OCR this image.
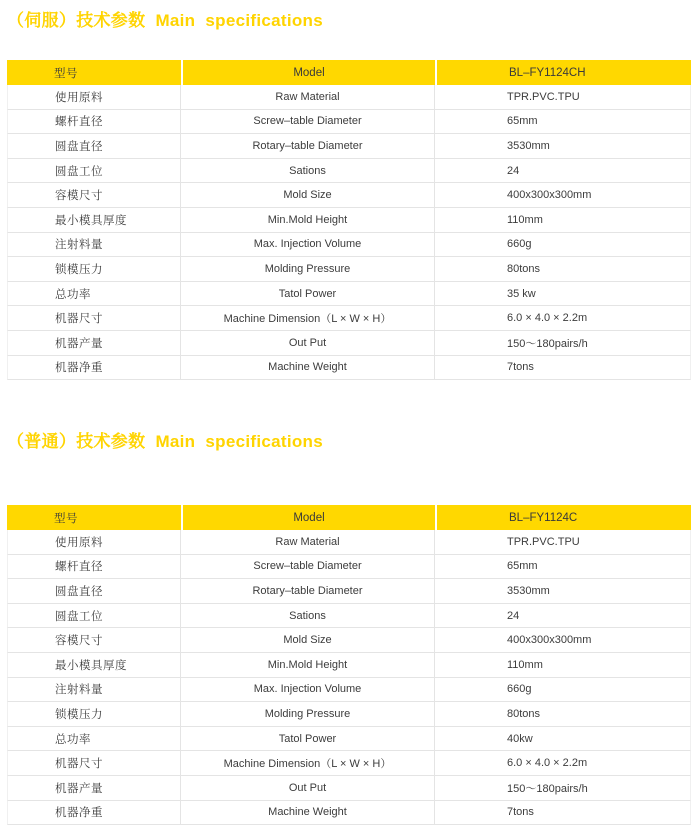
（伺服）技术参数  Main  specifications
型号	Model	BL–FY1124CH
使用原料	Raw Material	TPR.PVC.TPU
螺杆直径	Screw–table Diameter	65mm
圆盘直径	Rotary–table Diameter	3530mm
圆盘工位	Sations	24
容模尺寸	Mold Size	400x300x300mm
最小模具厚度	Min.Mold Height	110mm
注射料量	Max. Injection Volume	660g
锁模压力	Molding Pressure	80tons
总功率	Tatol Power	35 kw
机器尺寸	Machine Dimension（L × W × H）	6.0 × 4.0 × 2.2m
机器产量	Out Put	150～180pairs/h
机器净重	Machine Weight	7tons
（普通）技术参数  Main  specifications
型号	Model	BL–FY1124C
使用原料	Raw Material	TPR.PVC.TPU
螺杆直径	Screw–table Diameter	65mm
圆盘直径	Rotary–table Diameter	3530mm
圆盘工位	Sations	24
容模尺寸	Mold Size	400x300x300mm
最小模具厚度	Min.Mold Height	110mm
注射料量	Max. Injection Volume	660g
锁模压力	Molding Pressure	80tons
总功率	Tatol Power	40kw
机器尺寸	Machine Dimension（L × W × H）	6.0 × 4.0 × 2.2m
机器产量	Out Put	150～180pairs/h
机器净重	Machine Weight	7tons
